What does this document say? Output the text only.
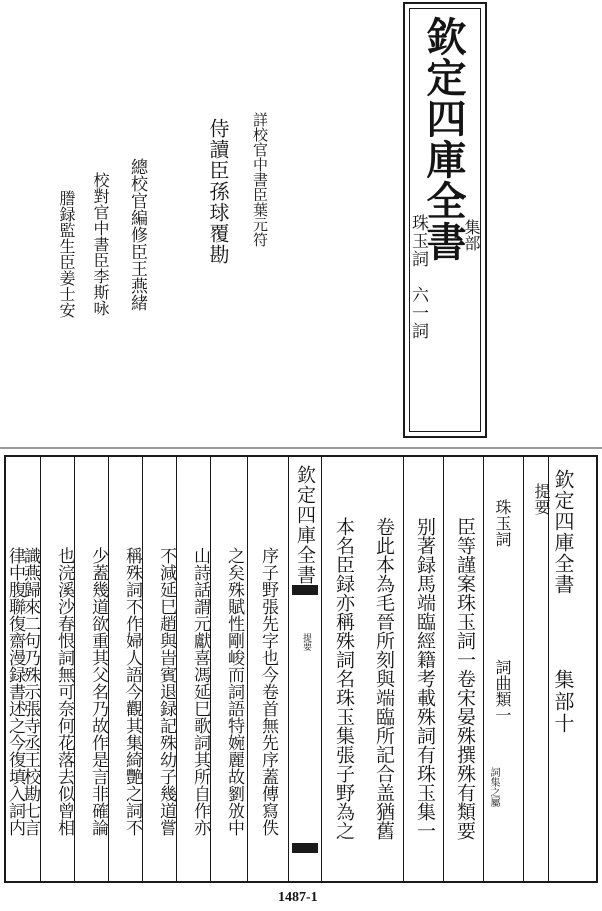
欽定四庫全書
集部
珠玉詞　六一詞
詳校官中書臣葉元符
侍讀臣孫球覆勘
總校官編修臣王燕緒
校對官中書臣李斯咏
謄録監生臣姜士安
欽定四庫全書
提要
欽定四庫全書
集部十
提要
珠玉詞　　　　　　　詞曲類一
詞集之屬
臣等謹案珠玉詞一卷宋晏殊撰殊有類要
别著録馬端臨經籍考載殊詞有珠玉集一
卷此本為毛晉所刻與端臨所記合盖猶舊
本名臣録亦稱殊詞名珠玉集張子野為之
序子野張先字也今卷首無先序蓋傳寫佚
之矣殊賦性剛峻而詞語特婉麗故劉攽中
山詩話謂元獻喜馮延巳歌詞其所自作亦
不減延巳趙與旹賓退録記殊幼子幾道嘗
稱殊詞不作婦人語今觀其集綺艷之詞不
少蓋幾道欲重其父名乃故作是言非確論
也浣溪沙春恨詞無可奈何花落去似曾相
識燕歸來二句乃殊示張寺丞王校勘七言
律中腹聯復齋漫録書述之今復填入詞内
1487-1
